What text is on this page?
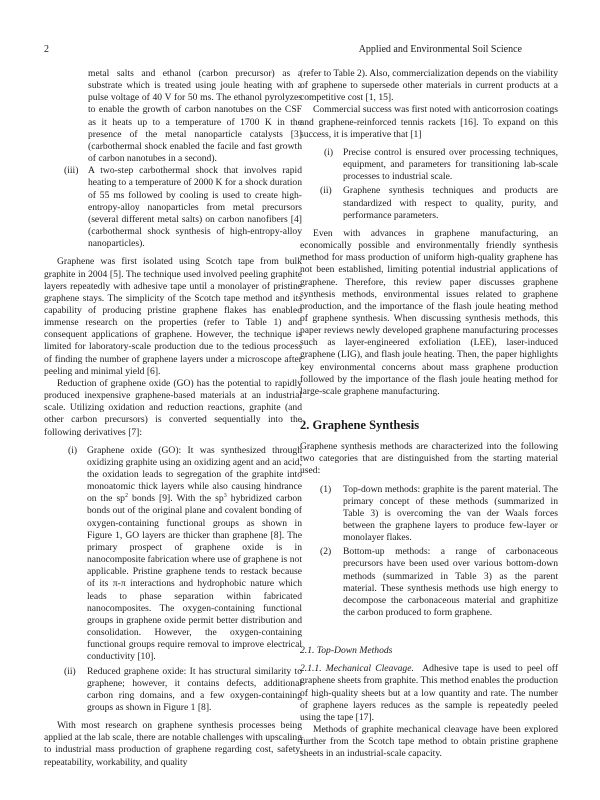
2	Applied and Environmental Soil Science
metal salts and ethanol (carbon precursor) as a substrate which is treated using joule heating with a pulse voltage of 40 V for 50 ms. The ethanol pyrolyzes to enable the growth of carbon nanotubes on the CSF as it heats up to a temperature of 1700 K in the presence of the metal nanoparticle catalysts [3] (carbothermal shock enabled the facile and fast growth of carbon nanotubes in a second).
(iii) A two-step carbothermal shock that involves rapid heating to a temperature of 2000 K for a shock duration of 55 ms followed by cooling is used to create high-entropy-alloy nanoparticles from metal precursors (several different metal salts) on carbon nanofibers [4] (carbothermal shock synthesis of high-entropy-alloy nanoparticles).

Graphene was first isolated using Scotch tape from bulk graphite in 2004 [5]. The technique used involved peeling graphite layers repeatedly with adhesive tape until a monolayer of pristine graphene stays. The simplicity of the Scotch tape method and its capability of producing pristine graphene flakes has enabled immense research on the properties (refer to Table 1) and consequent applications of graphene. However, the technique is limited for laboratory-scale production due to the tedious process of finding the number of graphene layers under a microscope after peeling and minimal yield [6].

Reduction of graphene oxide (GO) has the potential to rapidly produced inexpensive graphene-based materials at an industrial scale. Utilizing oxidation and reduction reactions, graphite (and other carbon precursors) is converted sequentially into the following derivatives [7]:

(i) Graphene oxide (GO): It was synthesized through oxidizing graphite using an oxidizing agent and an acid, the oxidation leads to segregation of the graphite into monoatomic thick layers while also causing hindrance on the $sp^2$ bonds [9]. With the $sp^3$ hybridized carbon bonds out of the original plane and covalent bonding of oxygen-containing functional groups as shown in Figure 1, GO layers are thicker than graphene [8]. The primary prospect of graphene oxide is in nanocomposite fabrication where use of graphene is not applicable. Pristine graphene tends to restack because of its π-π interactions and hydrophobic nature which leads to phase separation within fabricated nanocomposites. The oxygen-containing functional groups in graphene oxide permit better distribution and consolidation. However, the oxygen-containing functional groups require removal to improve electrical conductivity [10].
(ii) Reduced graphene oxide: It has structural similarity to graphene; however, it contains defects, additional carbon ring domains, and a few oxygen-containing groups as shown in Figure 1 [8].

With most research on graphene synthesis processes being applied at the lab scale, there are notable challenges with upscaling to industrial mass production of graphene regarding cost, safety, repeatability, workability, and quality

(refer to Table 2). Also, commercialization depends on the viability of graphene to supersede other materials in current products at a competitive cost [1, 15].

Commercial success was first noted with anticorrosion coatings and graphene-reinforced tennis rackets [16]. To expand on this success, it is imperative that [1]

(i) Precise control is ensured over processing techniques, equipment, and parameters for transitioning lab-scale processes to industrial scale.
(ii) Graphene synthesis techniques and products are standardized with respect to quality, purity, and performance parameters.

Even with advances in graphene manufacturing, an economically possible and environmentally friendly synthesis method for mass production of uniform high-quality graphene has not been established, limiting potential industrial applications of graphene. Therefore, this review paper discusses graphene synthesis methods, environmental issues related to graphene production, and the importance of the flash joule heating method of graphene synthesis. When discussing synthesis methods, this paper reviews newly developed graphene manufacturing processes such as layer-engineered exfoliation (LEE), laser-induced graphene (LIG), and flash joule heating. Then, the paper highlights key environmental concerns about mass graphene production followed by the importance of the flash joule heating method for large-scale graphene manufacturing.

2. Graphene Synthesis

Graphene synthesis methods are characterized into the following two categories that are distinguished from the starting material used:

(1) Top-down methods: graphite is the parent material. The primary concept of these methods (summarized in Table 3) is overcoming the van der Waals forces between the graphene layers to produce few-layer or monolayer flakes.
(2) Bottom-up methods: a range of carbonaceous precursors have been used over various bottom-down methods (summarized in Table 3) as the parent material. These synthesis methods use high energy to decompose the carbonaceous material and graphitize the carbon produced to form graphene.
2.1. Top-Down Methods

2.1.1. Mechanical Cleavage. Adhesive tape is used to peel off graphene sheets from graphite. This method enables the production of high-quality sheets but at a low quantity and rate. The number of graphene layers reduces as the sample is repeatedly peeled using the tape [17].

Methods of graphite mechanical cleavage have been explored further from the Scotch tape method to obtain pristine graphene sheets in an industrial-scale capacity.
